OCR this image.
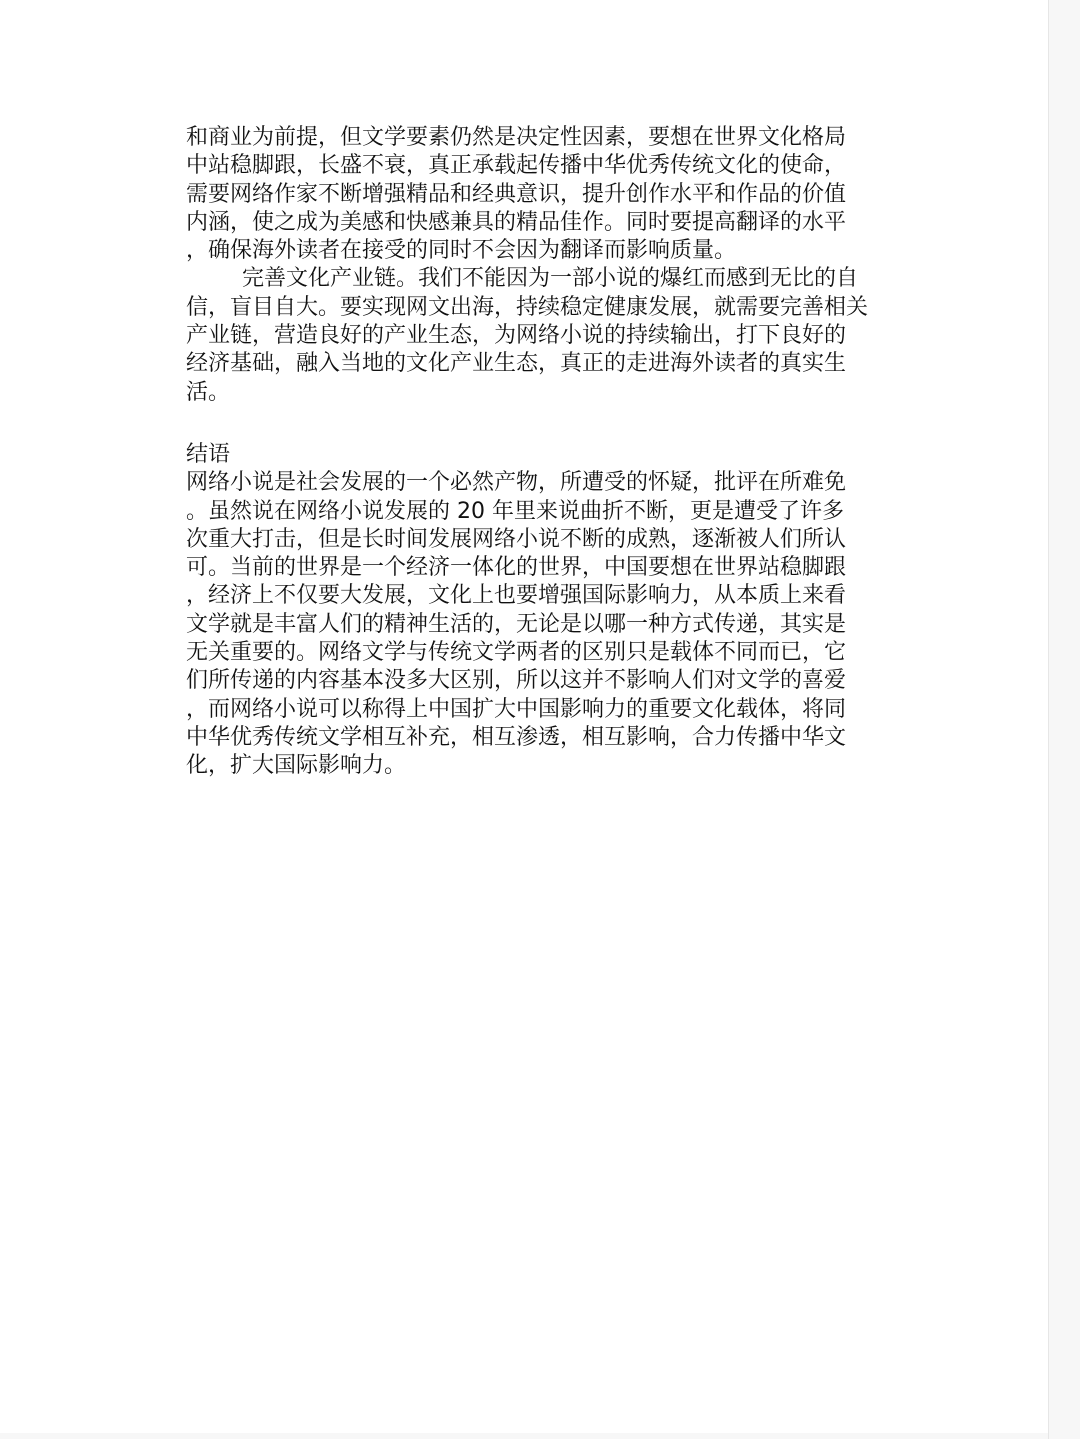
和商业为前提，但文学要素仍然是决定性因素，要想在世界文化格局
中站稳脚跟，长盛不衰，真正承载起传播中华优秀传统文化的使命，
需要网络作家不断增强精品和经典意识，提升创作水平和作品的价值
内涵，使之成为美感和快感兼具的精品佳作。同时要提高翻译的水平
，确保海外读者在接受的同时不会因为翻译而影响质量。
完善文化产业链。我们不能因为一部小说的爆红而感到无比的自
信，盲目自大。要实现网文出海，持续稳定健康发展，就需要完善相关
产业链，营造良好的产业生态，为网络小说的持续输出，打下良好的
经济基础，融入当地的文化产业生态，真正的走进海外读者的真实生
活。
结语
网络小说是社会发展的一个必然产物，所遭受的怀疑，批评在所难免
。虽然说在网络小说发展的 20 年里来说曲折不断，更是遭受了许多
次重大打击，但是长时间发展网络小说不断的成熟，逐渐被人们所认
可。当前的世界是一个经济一体化的世界，中国要想在世界站稳脚跟
，经济上不仅要大发展，文化上也要增强国际影响力，从本质上来看
文学就是丰富人们的精神生活的，无论是以哪一种方式传递，其实是
无关重要的。网络文学与传统文学两者的区别只是载体不同而已，它
们所传递的内容基本没多大区别，所以这并不影响人们对文学的喜爱
，而网络小说可以称得上中国扩大中国影响力的重要文化载体，将同
中华优秀传统文学相互补充，相互渗透，相互影响，合力传播中华文
化，扩大国际影响力。
